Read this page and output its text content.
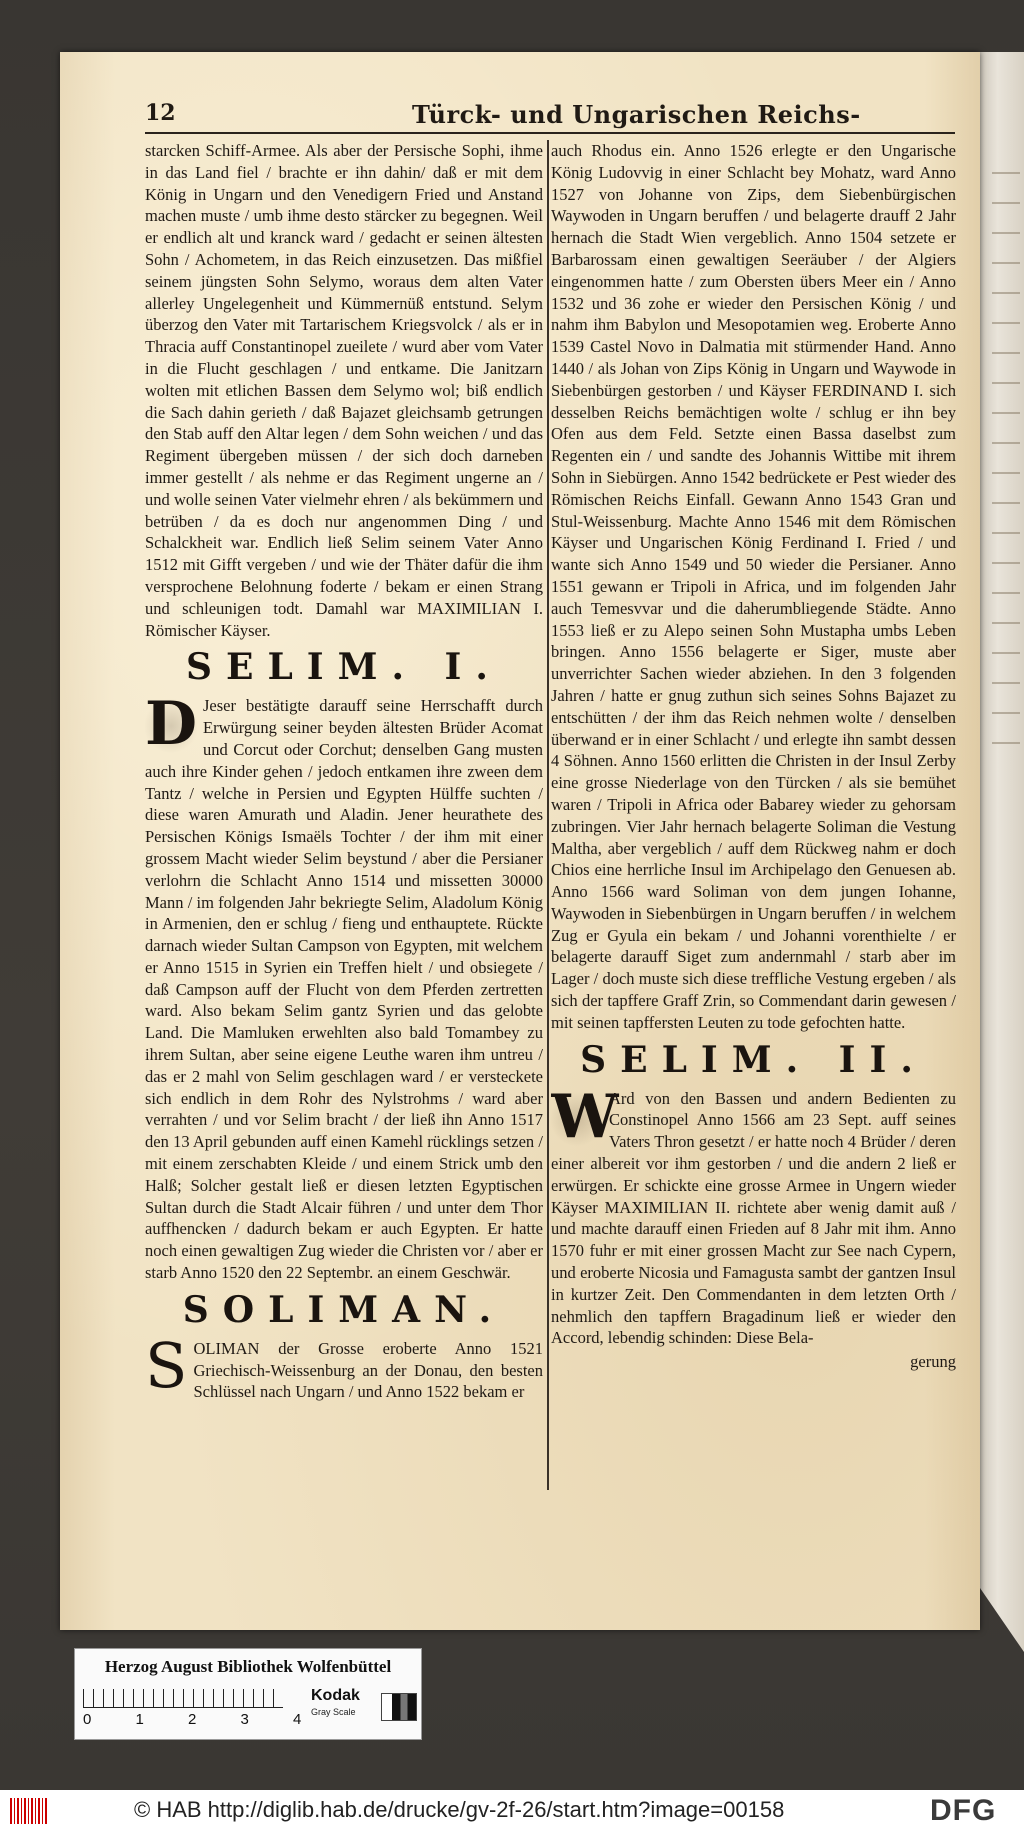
12	Türck- und Ungarischen Reichs-
starcken Schiff-Armee. Als aber der Persische Sophi, ihme in das Land fiel / brachte er ihn dahin/ daß er mit dem König in Ungarn und den Venedigern Fried und Anstand machen muste / umb ihme desto stärcker zu begegnen. Weil er endlich alt und kranck ward / gedacht er seinen ältesten Sohn / Achometem, in das Reich einzusetzen. Das mißfiel seinem jüngsten Sohn Selymo, woraus dem alten Vater allerley Ungelegenheit und Kümmernüß entstund. Selym überzog den Vater mit Tartarischem Kriegsvolck / als er in Thracia auff Constantinopel zueilete / wurd aber vom Vater in die Flucht geschlagen / und entkame. Die Janitzarn wolten mit etlichen Bassen dem Selymo wol; biß endlich die Sach dahin gerieth / daß Bajazet gleichsamb getrungen den Stab auff den Altar legen / dem Sohn weichen / und das Regiment übergeben müssen / der sich doch darneben immer gestellt / als nehme er das Regiment ungerne an / und wolle seinen Vater vielmehr ehren / als bekümmern und betrüben / da es doch nur angenommen Ding / und Schalckheit war. Endlich ließ Selim seinem Vater Anno 1512 mit Gifft vergeben / und wie der Thäter dafür die ihm versprochene Belohnung foderte / bekam er einen Strang und schleunigen todt. Damahl war MAXIMILIAN I. Römischer Käyser.
SELIM. I.
D Jeser bestätigte darauff seine Herrschafft durch Erwürgung seiner beyden ältesten Brüder Acomat und Corcut oder Corchut; denselben Gang musten auch ihre Kinder gehen / jedoch entkamen ihre zween dem Tantz / welche in Persien und Egypten Hülffe suchten / diese waren Amurath und Aladin. Jener heurathete des Persischen Königs Ismaëls Tochter / der ihm mit einer grossem Macht wieder Selim beystund / aber die Persianer verlohrn die Schlacht Anno 1514 und missetten 30000 Mann / im folgenden Jahr bekriegte Selim, Aladolum König in Armenien, den er schlug / fieng und enthauptete. Rückte darnach wieder Sultan Campson von Egypten, mit welchem er Anno 1515 in Syrien ein Treffen hielt / und obsiegete / daß Campson auff der Flucht von dem Pferden zertretten ward. Also bekam Selim gantz Syrien und das gelobte Land. Die Mamluken erwehlten also bald Tomambey zu ihrem Sultan, aber seine eigene Leuthe waren ihm untreu / das er 2 mahl von Selim geschlagen ward / er versteckete sich endlich in dem Rohr des Nylstrohms / ward aber verrahten / und vor Selim bracht / der ließ ihn Anno 1517 den 13 April gebunden auff einen Kamehl rücklings setzen / mit einem zerschabten Kleide / und einem Strick umb den Halß; Solcher gestalt ließ er diesen letzten Egyptischen Sultan durch die Stadt Alcair führen / und unter dem Thor auffhencken / dadurch bekam er auch Egypten. Er hatte noch einen gewaltigen Zug wieder die Christen vor / aber er starb Anno 1520 den 22 Septembr. an einem Geschwär.
SOLIMAN.
S OLIMAN der Grosse eroberte Anno 1521 Griechisch-Weissenburg an der Donau, den besten Schlüssel nach Ungarn / und Anno 1522 bekam er
auch Rhodus ein. Anno 1526 erlegte er den Ungarische König Ludovvig in einer Schlacht bey Mohatz, ward Anno 1527 von Johanne von Zips, dem Siebenbürgischen Waywoden in Ungarn beruffen / und belagerte drauff 2 Jahr hernach die Stadt Wien vergeblich. Anno 1504 setzete er Barbarossam einen gewaltigen Seeräuber / der Algiers eingenommen hatte / zum Obersten übers Meer ein / Anno 1532 und 36 zohe er wieder den Persischen König / und nahm ihm Babylon und Mesopotamien weg. Eroberte Anno 1539 Castel Novo in Dalmatia mit stürmender Hand. Anno 1440 / als Johan von Zips König in Ungarn und Waywode in Siebenbürgen gestorben / und Käyser FERDINAND I. sich desselben Reichs bemächtigen wolte / schlug er ihn bey Ofen aus dem Feld. Setzte einen Bassa daselbst zum Regenten ein / und sandte des Johannis Wittibe mit ihrem Sohn in Siebürgen. Anno 1542 bedrückete er Pest wieder des Römischen Reichs Einfall. Gewann Anno 1543 Gran und Stul-Weissenburg. Machte Anno 1546 mit dem Römischen Käyser und Ungarischen König Ferdinand I. Fried / und wante sich Anno 1549 und 50 wieder die Persianer. Anno 1551 gewann er Tripoli in Africa, und im folgenden Jahr auch Temesvvar und die daherumbliegende Städte. Anno 1553 ließ er zu Alepo seinen Sohn Mustapha umbs Leben bringen. Anno 1556 belagerte er Siger, muste aber unverrichter Sachen wieder abziehen. In den 3 folgenden Jahren / hatte er gnug zuthun sich seines Sohns Bajazet zu entschütten / der ihm das Reich nehmen wolte / denselben überwand er in einer Schlacht / und erlegte ihn sambt dessen 4 Söhnen. Anno 1560 erlitten die Christen in der Insul Zerby eine grosse Niederlage von den Türcken / als sie bemühet waren / Tripoli in Africa oder Babarey wieder zu gehorsam zubringen. Vier Jahr hernach belagerte Soliman die Vestung Maltha, aber vergeblich / auff dem Rückweg nahm er doch Chios eine herrliche Insul im Archipelago den Genuesen ab. Anno 1566 ward Soliman von dem jungen Iohanne, Waywoden in Siebenbürgen in Ungarn beruffen / in welchem Zug er Gyula ein bekam / und Johanni vorenthielte / er belagerte darauff Siget zum andernmahl / starb aber im Lager / doch muste sich diese treffliche Vestung ergeben / als sich der tapffere Graff Zrin, so Commendant darin gewesen / mit seinen tapffersten Leuten zu tode gefochten hatte.
SELIM. II.
W
Ard von den Bassen und andern Bedienten zu Constinopel Anno 1566 am 23 Sept. auff seines Vaters Thron gesetzt / er hatte noch 4 Brüder / deren einer albereit vor ihm gestorben / und die andern 2 ließ er erwürgen. Er schickte eine grosse Armee in Ungern wieder Käyser MAXIMILIAN II. richtete aber wenig damit auß / und machte darauff einen Frieden auf 8 Jahr mit ihm. Anno 1570 fuhr er mit einer grossen Macht zur See nach Cypern, und eroberte Nicosia und Famagusta sambt der gantzen Insul in kurtzer Zeit. Den Commendanten in dem letzten Orth / nehmlich den tapffern Bragadinum ließ er wieder den Accord, lebendig schinden: Diese Bela-
gerung
Herzog August Bibliothek Wolfenbüttel
0	1	2	3	4
Kodak
Gray Scale
© HAB http://diglib.hab.de/drucke/gv-2f-26/start.htm?image=00158	DFG
